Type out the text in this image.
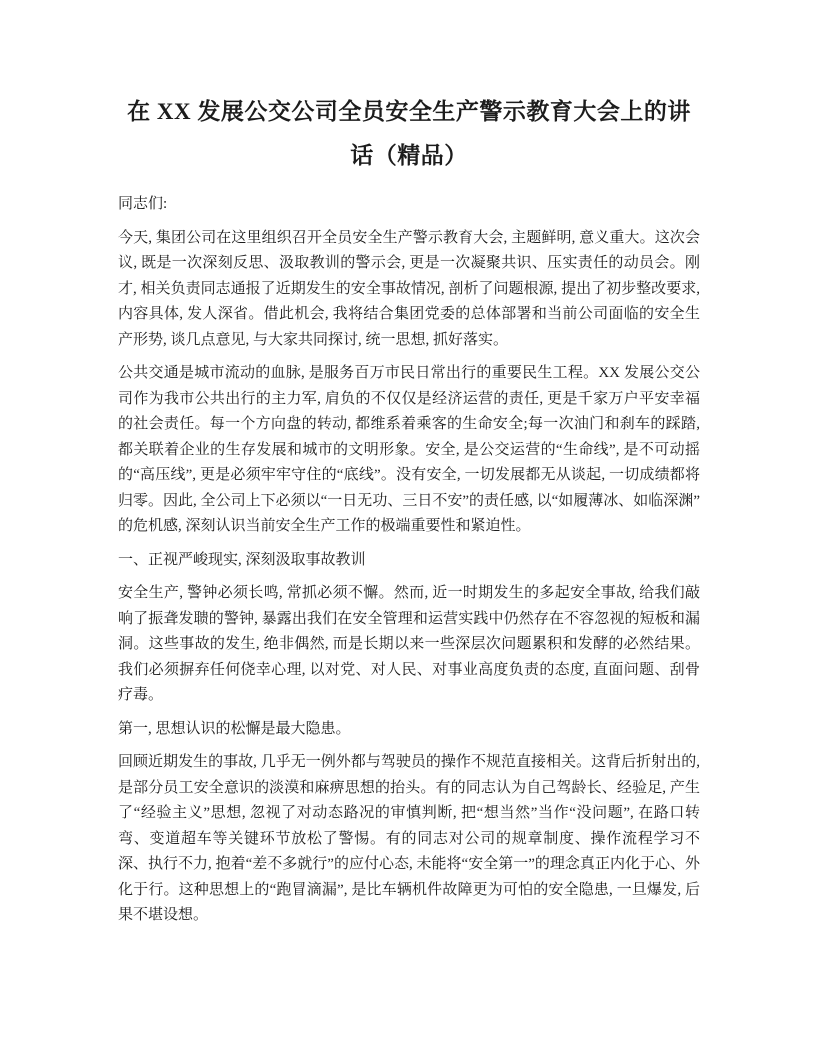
在 XX 发展公交公司全员安全生产警示教育大会上的讲话（精品）

同志们:

今天, 集团公司在这里组织召开全员安全生产警示教育大会, 主题鲜明, 意义重大。这次会议, 既是一次深刻反思、汲取教训的警示会, 更是一次凝聚共识、压实责任的动员会。刚才, 相关负责同志通报了近期发生的安全事故情况, 剖析了问题根源, 提出了初步整改要求, 内容具体, 发人深省。借此机会, 我将结合集团党委的总体部署和当前公司面临的安全生产形势, 谈几点意见, 与大家共同探讨, 统一思想, 抓好落实。

公共交通是城市流动的血脉, 是服务百万市民日常出行的重要民生工程。XX 发展公交公司作为我市公共出行的主力军, 肩负的不仅仅是经济运营的责任, 更是千家万户平安幸福的社会责任。每一个方向盘的转动, 都维系着乘客的生命安全;每一次油门和刹车的踩踏, 都关联着企业的生存发展和城市的文明形象。安全, 是公交运营的“生命线”, 是不可动摇的“高压线”, 更是必须牢牢守住的“底线”。没有安全, 一切发展都无从谈起, 一切成绩都将归零。因此, 全公司上下必须以“一日无功、三日不安”的责任感, 以“如履薄冰、如临深渊”的危机感, 深刻认识当前安全生产工作的极端重要性和紧迫性。

一、正视严峻现实, 深刻汲取事故教训

安全生产, 警钟必须长鸣, 常抓必须不懈。然而, 近一时期发生的多起安全事故, 给我们敲响了振聋发聩的警钟, 暴露出我们在安全管理和运营实践中仍然存在不容忽视的短板和漏洞。这些事故的发生, 绝非偶然, 而是长期以来一些深层次问题累积和发酵的必然结果。我们必须摒弃任何侥幸心理, 以对党、对人民、对事业高度负责的态度, 直面问题、刮骨疗毒。

第一, 思想认识的松懈是最大隐患。

回顾近期发生的事故, 几乎无一例外都与驾驶员的操作不规范直接相关。这背后折射出的, 是部分员工安全意识的淡漠和麻痹思想的抬头。有的同志认为自己驾龄长、经验足, 产生了“经验主义”思想, 忽视了对动态路况的审慎判断, 把“想当然”当作“没问题”, 在路口转弯、变道超车等关键环节放松了警惕。有的同志对公司的规章制度、操作流程学习不深、执行不力, 抱着“差不多就行”的应付心态, 未能将“安全第一”的理念真正内化于心、外化于行。这种思想上的“跑冒滴漏”, 是比车辆机件故障更为可怕的安全隐患, 一旦爆发, 后果不堪设想。
